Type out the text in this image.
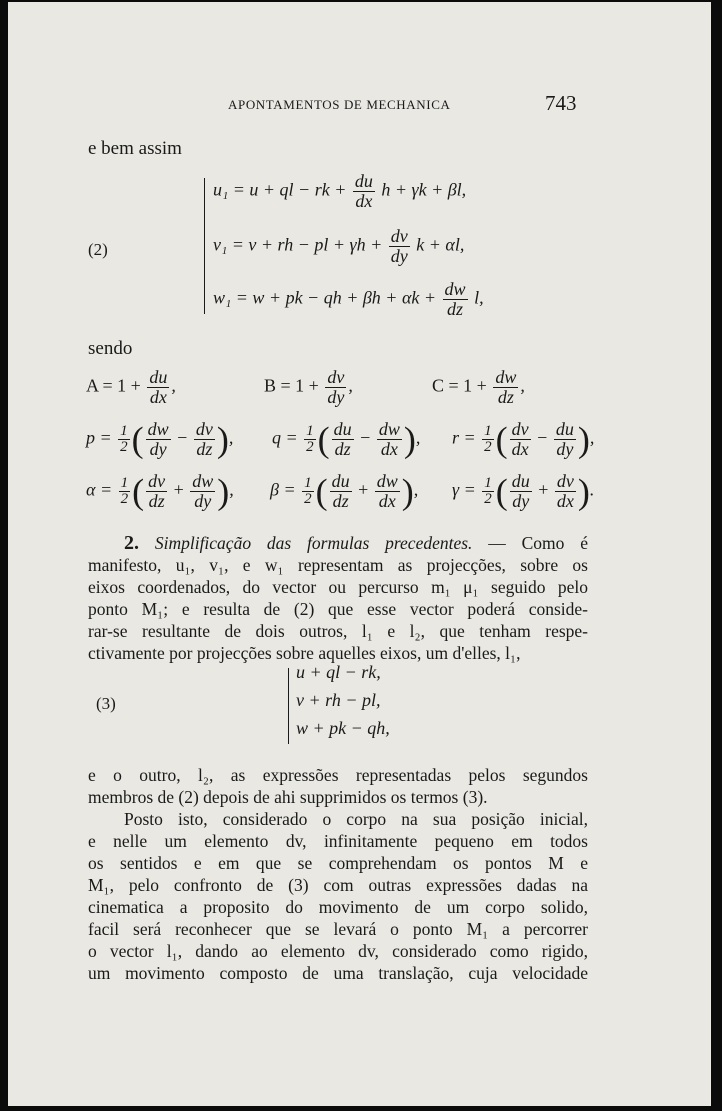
APONTAMENTOS DE MECHANICA	743
e bem assim
(2)
u₁ = u + ql − rk + $\frac{du}{dx}$ h + γk + βl,
v₁ = v + rh − pl + $\gamma h + \frac{dv}{dy}$ k + αl,
w₁ = w + pk − qh + $\beta h + \alpha k + \frac{dw}{dz} l$,
sendo
$A = 1 + \frac{du}{dx}$ ,	$B = 1 + \frac{dv}{dy}$ ,	$C = 1 + \frac{dw}{dz}$ ,
$p = \frac{1}{2}$ ( $\frac{dw}{dy} - \frac{dv}{dz}$ ), $q = \frac{1}{2}$ ( $\frac{du}{dz} - \frac{dw}{dx}$ ), $r = \frac{1}{2}$ ( $\frac{dv}{dx} - \frac{du}{dy}$ ),
$\alpha = \frac{1}{2}$ ( $\frac{dv}{dz} + \frac{dw}{dy}$ ), $\beta = \frac{1}{2}$ ( $\frac{du}{dz} + \frac{dw}{dx}$ ), $\gamma = \frac{1}{2}$ ( $\frac{du}{dy} + \frac{dv}{dx}$ ).
2. Simplificação das formulas precedentes. — Como é
manifesto, u₁, v₁, e w₁ representam as projecções, sobre os
eixos coordenados, do vector ou percurso m₁ μ₁ seguido pelo
ponto M₁; e resulta de (2) que esse vector poderá conside-
rar-se resultante de dois outros, l₁ e l₂, que tenham respe-
ctivamente por projecções sobre aquelles eixos, um d'elles, l₁,
(3)
u + ql − rk,
v + rh − pl,
w + pk − qh,
e o outro, l₂, as expressões representadas pelos segundos
membros de (2) depois de ahi supprimidos os termos (3).
Posto isto, considerado o corpo na sua posição inicial,
e nelle um elemento dv, infinitamente pequeno em todos
os sentidos e em que se comprehendam os pontos M e
M₁, pelo confronto de (3) com outras expressões dadas na
cinematica a proposito do movimento de um corpo solido,
facil será reconhecer que se levará o ponto M₁ a percorrer
o vector l₁, dando ao elemento dv, considerado como rigido,
um movimento composto de uma translação, cuja velocidade
